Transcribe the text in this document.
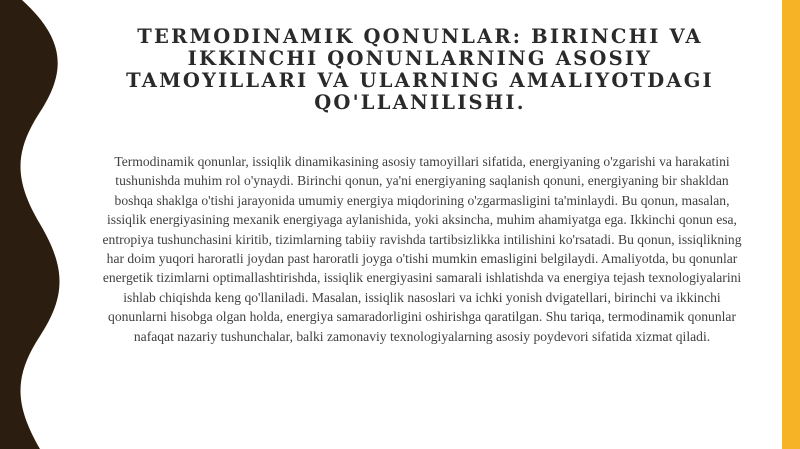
TERMODINAMIK QONUNLAR: BIRINCHI VA IKKINCHI QONUNLARNING ASOSIY TAMOYILLARI VA ULARNING AMALIYOTDAGI QO'LLANILISHI.

Termodinamik qonunlar, issiqlik dinamikasining asosiy tamoyillari sifatida, energiyaning o'zgarishi va harakatini tushunishda muhim rol o'ynaydi. Birinchi qonun, ya'ni energiyaning saqlanish qonuni, energiyaning bir shakldan boshqa shaklga o'tishi jarayonida umumiy energiya miqdorining o'zgarmasligini ta'minlaydi. Bu qonun, masalan, issiqlik energiyasining mexanik energiyaga aylanishida, yoki aksincha, muhim ahamiyatga ega. Ikkinchi qonun esa, entropiya tushunchasini kiritib, tizimlarning tabiiy ravishda tartibsizlikka intilishini ko'rsatadi. Bu qonun, issiqlikning har doim yuqori haroratli joydan past haroratli joyga o'tishi mumkin emasligini belgilaydi. Amaliyotda, bu qonunlar energetik tizimlarni optimallashtirishda, issiqlik energiyasini samarali ishlatishda va energiya tejash texnologiyalarini ishlab chiqishda keng qo'llaniladi. Masalan, issiqlik nasoslari va ichki yonish dvigatellari, birinchi va ikkinchi qonunlarni hisobga olgan holda, energiya samaradorligini oshirishga qaratilgan. Shu tariqa, termodinamik qonunlar nafaqat nazariy tushunchalar, balki zamonaviy texnologiyalarning asosiy poydevori sifatida xizmat qiladi.
